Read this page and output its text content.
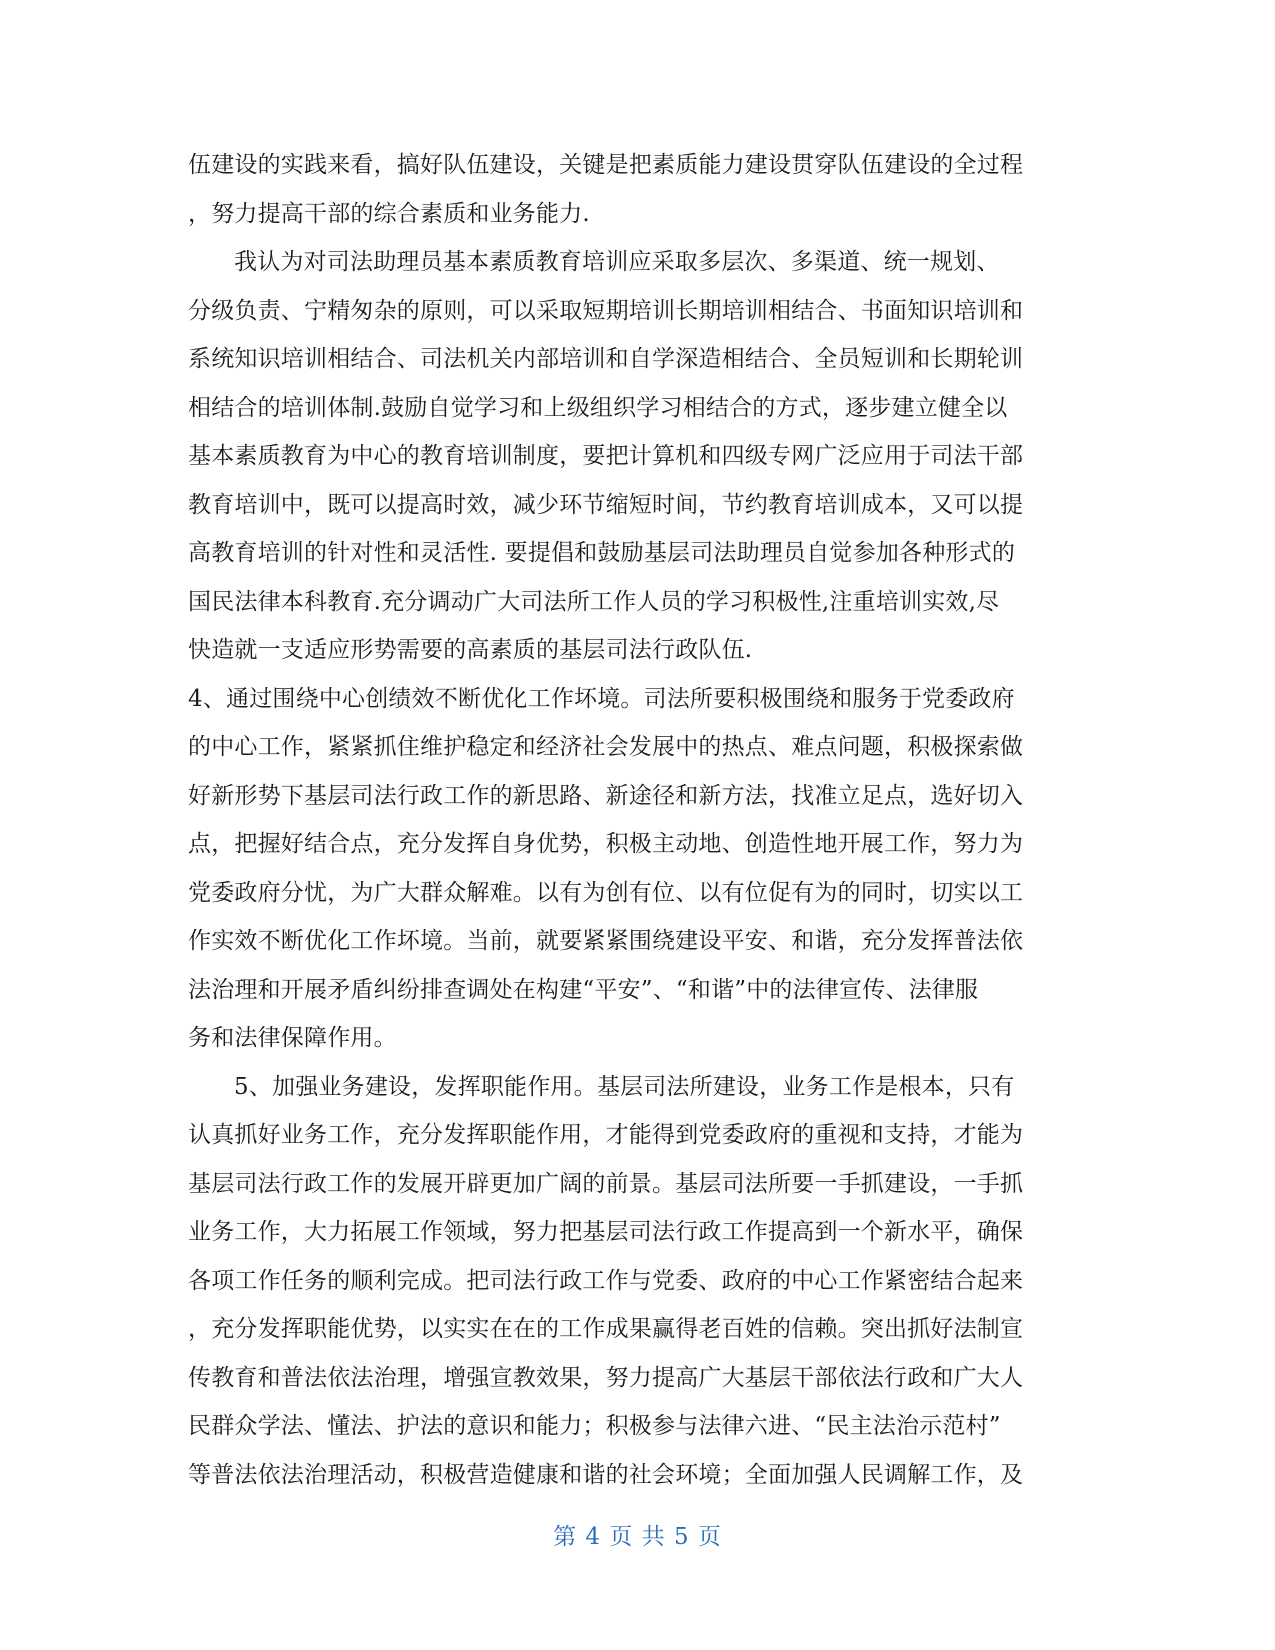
伍建设的实践来看，搞好队伍建设，关键是把素质能力建设贯穿队伍建设的全过程
，努力提高干部的综合素质和业务能力.
我认为对司法助理员基本素质教育培训应采取多层次、多渠道、统一规划、
分级负责、宁精匆杂的原则，可以采取短期培训长期培训相结合、书面知识培训和
系统知识培训相结合、司法机关内部培训和自学深造相结合、全员短训和长期轮训
相结合的培训体制.鼓励自觉学习和上级组织学习相结合的方式，逐步建立健全以
基本素质教育为中心的教育培训制度，要把计算机和四级专网广泛应用于司法干部
教育培训中，既可以提高时效，减少环节缩短时间，节约教育培训成本，又可以提
高教育培训的针对性和灵活性. 要提倡和鼓励基层司法助理员自觉参加各种形式的
国民法律本科教育.充分调动广大司法所工作人员的学习积极性,注重培训实效,尽
快造就一支适应形势需要的高素质的基层司法行政队伍.
4、通过围绕中心创绩效不断优化工作坏境。司法所要积极围绕和服务于党委政府
的中心工作，紧紧抓住维护稳定和经济社会发展中的热点、难点问题，积极探索做
好新形势下基层司法行政工作的新思路、新途径和新方法，找准立足点，选好切入
点，把握好结合点，充分发挥自身优势，积极主动地、创造性地开展工作，努力为
党委政府分忧，为广大群众解难。以有为创有位、以有位促有为的同时，切实以工
作实效不断优化工作坏境。当前，就要紧紧围绕建设平安、和谐，充分发挥普法依
法治理和开展矛盾纠纷排查调处在构建“平安”、“和谐”中的法律宣传、法律服
务和法律保障作用。
5、加强业务建设，发挥职能作用。基层司法所建设，业务工作是根本，只有
认真抓好业务工作，充分发挥职能作用，才能得到党委政府的重视和支持，才能为
基层司法行政工作的发展开辟更加广阔的前景。基层司法所要一手抓建设，一手抓
业务工作，大力拓展工作领域，努力把基层司法行政工作提高到一个新水平，确保
各项工作任务的顺利完成。把司法行政工作与党委、政府的中心工作紧密结合起来
，充分发挥职能优势，以实实在在的工作成果赢得老百姓的信赖。突出抓好法制宣
传教育和普法依法治理，增强宣教效果，努力提高广大基层干部依法行政和广大人
民群众学法、懂法、护法的意识和能力；积极参与法律六进、“民主法治示范村”
等普法依法治理活动，积极营造健康和谐的社会环境；全面加强人民调解工作，及
第 4 页 共 5 页
